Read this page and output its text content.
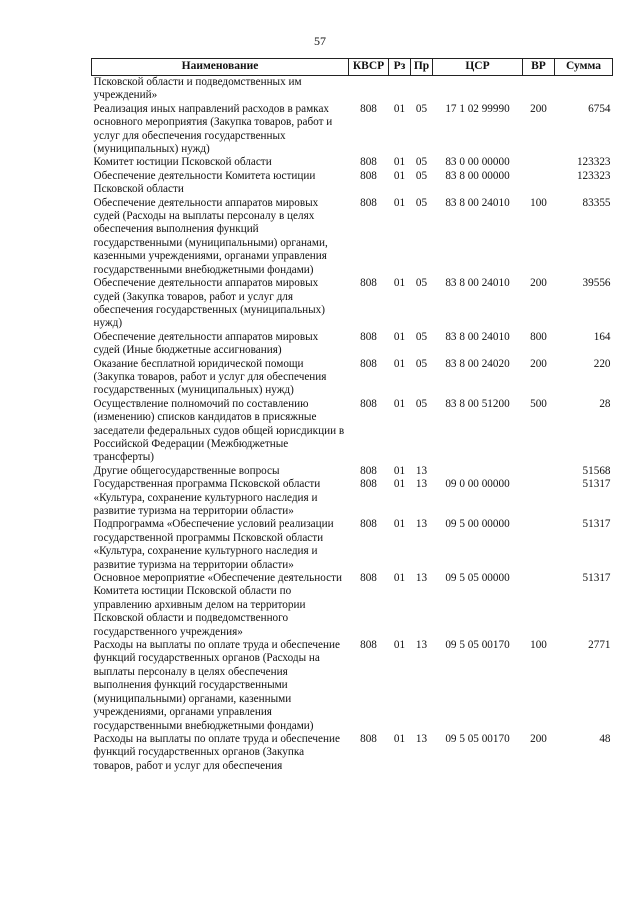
57
Наименование	КВСР	Рз	Пр	ЦСР	ВР	Сумма
Псковской области и подведомственных им учреждений»						
Реализация иных направлений расходов в рамках основного мероприятия (Закупка товаров, работ и услуг для обеспечения государственных (муниципальных) нужд)	808	01	05	17 1 02 99990	200	6754
Комитет юстиции Псковской области	808	01	05	83 0 00 00000		123323
Обеспечение деятельности Комитета юстиции Псковской области	808	01	05	83 8 00 00000		123323
Обеспечение деятельности аппаратов мировых судей (Расходы на выплаты персоналу в целях обеспечения выполнения функций государственными (муниципальными) органами, казенными учреждениями, органами управления государственными внебюджетными фондами)	808	01	05	83 8 00 24010	100	83355
Обеспечение деятельности аппаратов мировых судей (Закупка товаров, работ и услуг для обеспечения государственных (муниципальных) нужд)	808	01	05	83 8 00 24010	200	39556
Обеспечение деятельности аппаратов мировых судей (Иные бюджетные ассигнования)	808	01	05	83 8 00 24010	800	164
Оказание бесплатной юридической помощи (Закупка товаров, работ и услуг для обеспечения государственных (муниципальных) нужд)	808	01	05	83 8 00 24020	200	220
Осуществление полномочий по составлению (изменению) списков кандидатов в присяжные заседатели федеральных судов общей юрисдикции в Российской Федерации (Межбюджетные трансферты)	808	01	05	83 8 00 51200	500	28
Другие общегосударственные вопросы	808	01	13			51568
Государственная программа Псковской области «Культура, сохранение культурного наследия и развитие туризма на территории области»	808	01	13	09 0 00 00000		51317
Подпрограмма «Обеспечение условий реализации государственной программы Псковской области «Культура, сохранение культурного наследия и развитие туризма на территории области»	808	01	13	09 5 00 00000		51317
Основное мероприятие «Обеспечение деятельности Комитета юстиции Псковской области по управлению архивным делом на территории Псковской области и подведомственного государственного учреждения»	808	01	13	09 5 05 00000		51317
Расходы на выплаты по оплате труда и обеспечение функций государственных органов (Расходы на выплаты персоналу в целях обеспечения выполнения функций государственными (муниципальными) органами, казенными учреждениями, органами управления государственными внебюджетными фондами)	808	01	13	09 5 05 00170	100	2771
Расходы на выплаты по оплате труда и обеспечение функций государственных органов (Закупка товаров, работ и услуг для обеспечения	808	01	13	09 5 05 00170	200	48
